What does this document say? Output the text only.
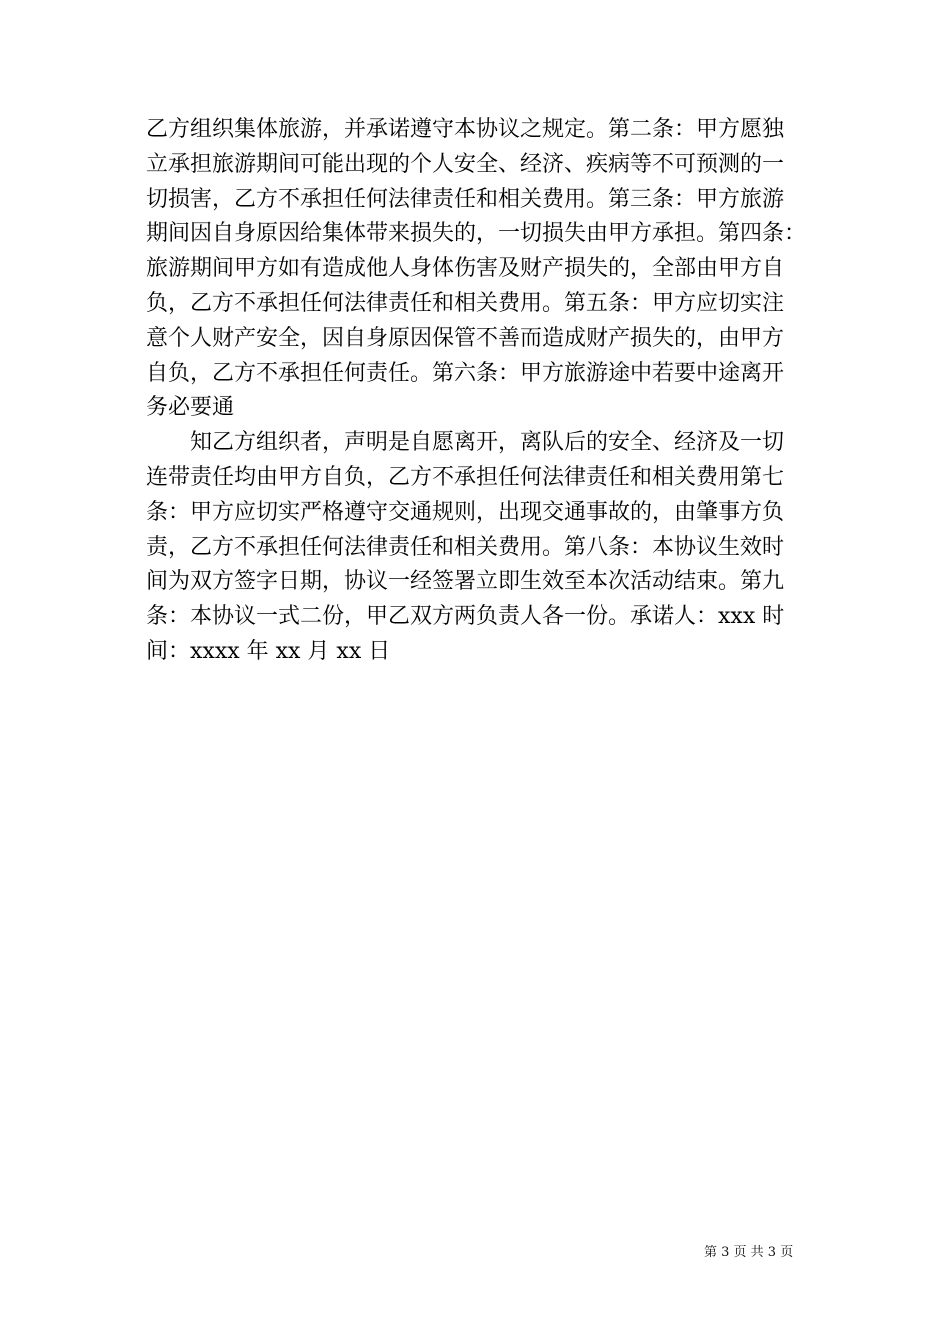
乙方组织集体旅游，并承诺遵守本协议之规定。第二条：甲方愿独
立承担旅游期间可能出现的个人安全、经济、疾病等不可预测的一
切损害，乙方不承担任何法律责任和相关费用。第三条：甲方旅游
期间因自身原因给集体带来损失的，一切损失由甲方承担。第四条：
旅游期间甲方如有造成他人身体伤害及财产损失的，全部由甲方自
负，乙方不承担任何法律责任和相关费用。第五条：甲方应切实注
意个人财产安全，因自身原因保管不善而造成财产损失的，由甲方
自负，乙方不承担任何责任。第六条：甲方旅游途中若要中途离开
务必要通
　　知乙方组织者，声明是自愿离开，离队后的安全、经济及一切
连带责任均由甲方自负，乙方不承担任何法律责任和相关费用第七
条：甲方应切实严格遵守交通规则，出现交通事故的，由肇事方负
责，乙方不承担任何法律责任和相关费用。第八条：本协议生效时
间为双方签字日期，协议一经签署立即生效至本次活动结束。第九
条：本协议一式二份，甲乙双方两负责人各一份。承诺人：xxx 时
间：xxxx 年 xx 月 xx 日
第 3 页 共 3 页
